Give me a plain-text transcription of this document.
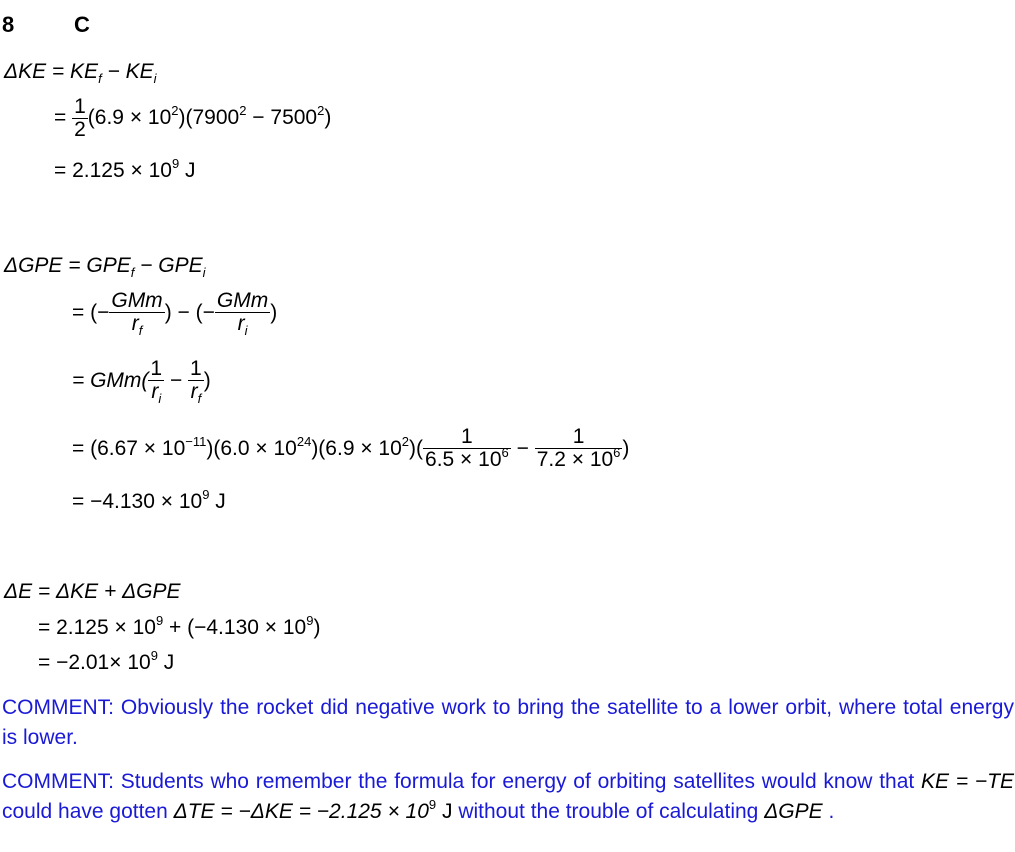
8	C
$\Delta KE = KE_f - KE_i$
= $\frac{1}{2} (6.9 \times 10^2)(7900^2 - 7500^2)$
= $2.125 \times 10^9$ J
$\Delta GPE = GPE_f - GPE_i$
= (− $\frac{\text{GMm}}{r_f}$ ) − (− $\frac{\text{GMm}}{r_i}$ )
= $GMm( \frac{1}{r_i} - \frac{1}{r_f}$ )
= $(6.67 \times 10^{-11})(6.0 \times 10^{24})(6.9 \times 10^2)( \frac{1}{6.5 \times 10^6} - \frac{1}{7.2 \times 10^6}$ )
= $-4.130 \times 10^9$ J
ΔE = ΔKE + ΔGPE
= $2.125 \times 10^9 + (-4.130 \times 10^9)$
= $-2.01\times 10^9$ J
COMMENT: Obviously the rocket did negative work to bring the satellite to a lower orbit, where total energy is lower.
COMMENT: Students who remember the formula for energy of orbiting satellites would know that KE = −TE could have gotten $\Delta TE = -\Delta KE = -2.125 \times 10^9$ J without the trouble of calculating ΔGPE .
